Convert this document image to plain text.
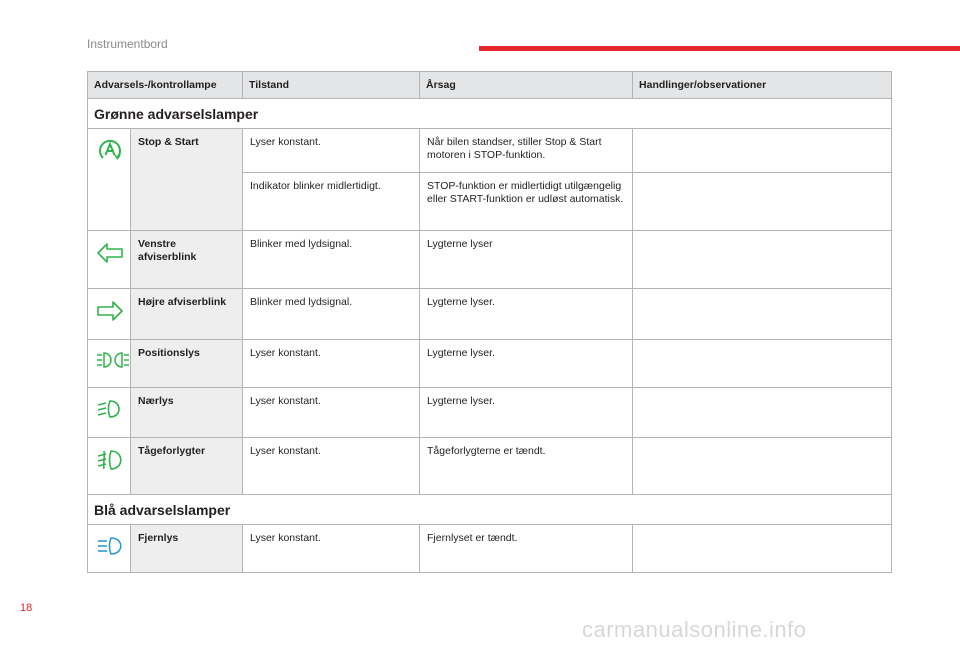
Instrumentbord
Advarsels-/kontrollampe		Tilstand	Årsag	Handlinger/observationer
Grønne advarselslamper				

	Stop & Start	Lyser konstant.	Når bilen standser, stiller Stop & Start motoren i STOP-funktion.	
		Indikator blinker midlertidigt.	STOP-funktion er midlertidigt utilgængelig eller START-funktion er udløst automatisk.	

	Venstre afviserblink	Blinker med lydsignal.	Lygterne lyser	

	Højre afviserblink	Blinker med lydsignal.	Lygterne lyser.	

	Positionslys	Lyser konstant.	Lygterne lyser.	

	Nærlys	Lyser konstant.	Lygterne lyser.	

	Tågeforlygter	Lyser konstant.	Tågeforlygterne er tændt.	
Blå advarselslamper				

	Fjernlys	Lyser konstant.	Fjernlyset er tændt.	
18
carmanualsonline.info
